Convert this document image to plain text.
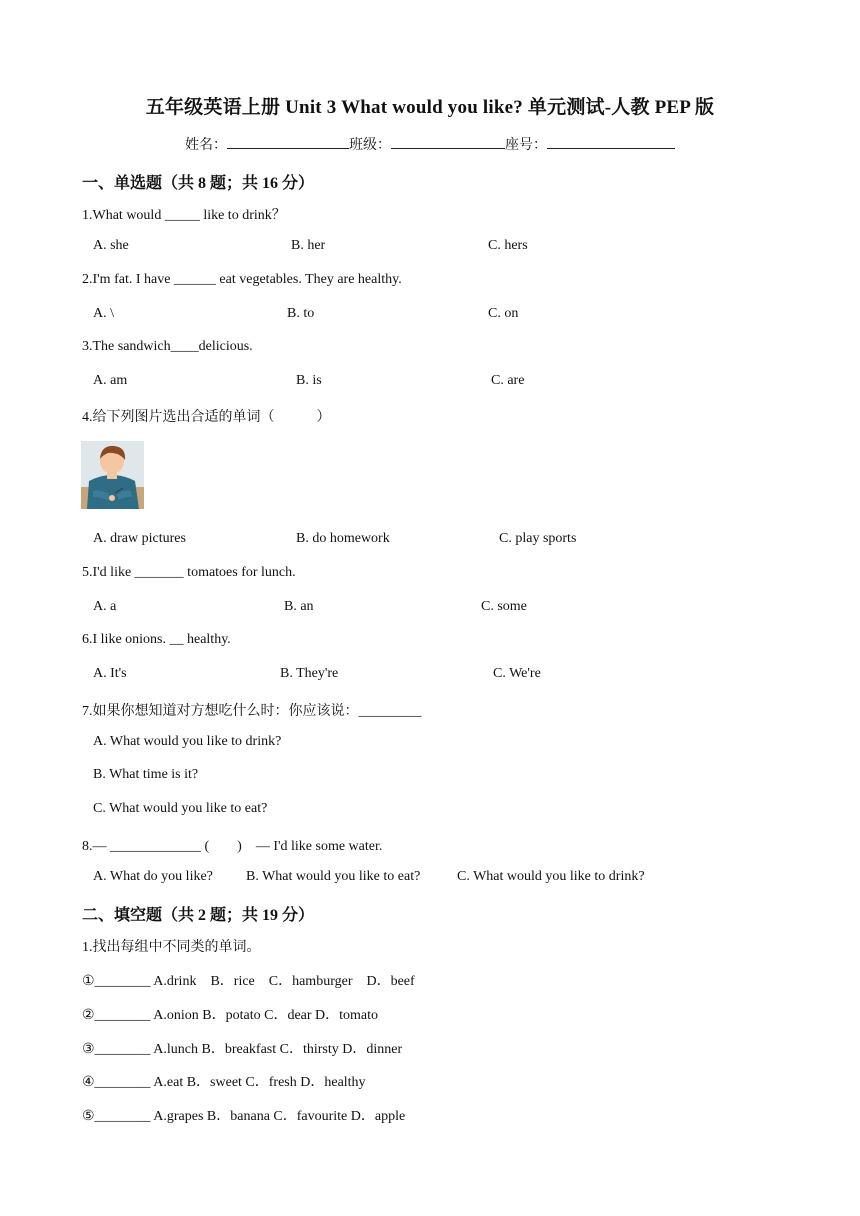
五年级英语上册 Unit 3 What would you like? 单元测试-人教 PEP 版
姓名：	班级：	座号：
一、单选题（共 8 题；共 16 分）
1.What would _____ like to drink？
A. she	B. her	C. hers
2.I'm fat. I have ______ eat vegetables. They are healthy.
A. \	B. to	C. on
3.The sandwich____delicious.
A. am	B. is	C. are
4.给下列图片选出合适的单词（　　　）
A. draw pictures	B. do homework	C. play sports
5.I'd like _______ tomatoes for lunch.
A. a	B. an	C. some
6.I like onions. __ healthy.
A. It's	B. They're	C. We're
7.如果你想知道对方想吃什么时：你应该说：_________
A. What would you like to drink?
B. What time is it?
C. What would you like to eat?
8.— _____________ (　　)　— I'd like some water.
A. What do you like? B. What would you like to eat?	C. What would you like to drink?
二、填空题（共 2 题；共 19 分）
1.找出每组中不同类的单词。
①________ A.drink　B．rice　C．hamburger　D．beef
②________ A.onion B．potato C．dear D．tomato
③________ A.lunch B．breakfast C．thirsty D．dinner
④________ A.eat B．sweet C．fresh D．healthy
⑤________ A.grapes B．banana C．favourite D．apple
